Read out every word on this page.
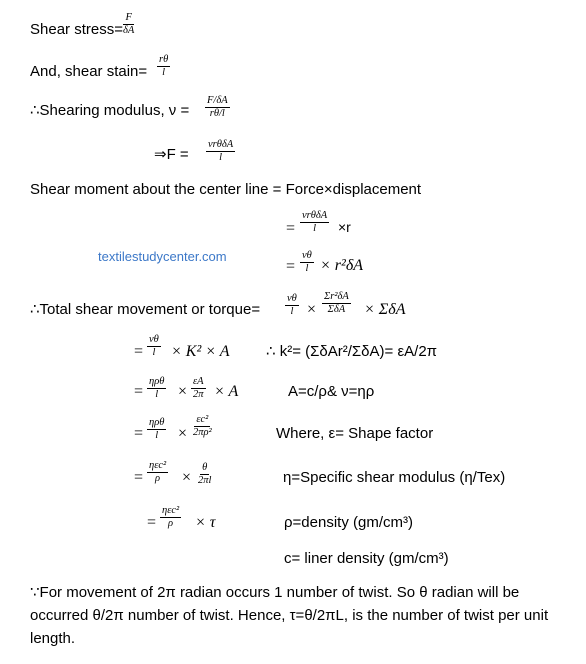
Shear stress=
$\frac{F}{\delta A}$
And, shear stain= $\frac{r\theta}{l}$
∴Shearing modulus, $\nu = \frac{F/\delta A}{r\theta/l}$
⇒F =
νrθδA
l
Shear moment about the center line = Force×displacement
=
νrθδA
l ×r
textilestudycenter.com
= $\frac{\nu\theta}{l} \times r^2\delta A$
∴Total shear movement or torque= $\frac{\nu\theta}{l}$ ×
Σr²δA
ΣδA × ΣδA
= $\frac{\nu\theta}{l} \times K^2 \times A$ ∴ k²= (ΣδAr²/ΣδA)= εA/2π
=
ηρθ
$l \times \frac{\varepsilon A}{2\pi} \times A$	A=c/ρ& ν=ηρ
=
ηρθ
$l \times \frac{\text{εc²}}{\text{2πρ²}}$	Where, ε= Shape factor
=
ηεc²
$\rho \times \frac{\theta}{2\pi l}$	η=Specific shear modulus (η/Tex)
=
ηεc²
ρ × τ	ρ=density (gm/cm³)
c= liner density (gm/cm³)
∵For movement of 2π radian occurs 1 number of twist. So θ radian will be occurred θ/2π number of twist. Hence, τ=θ/2πL, is the number of twist per unit length.
